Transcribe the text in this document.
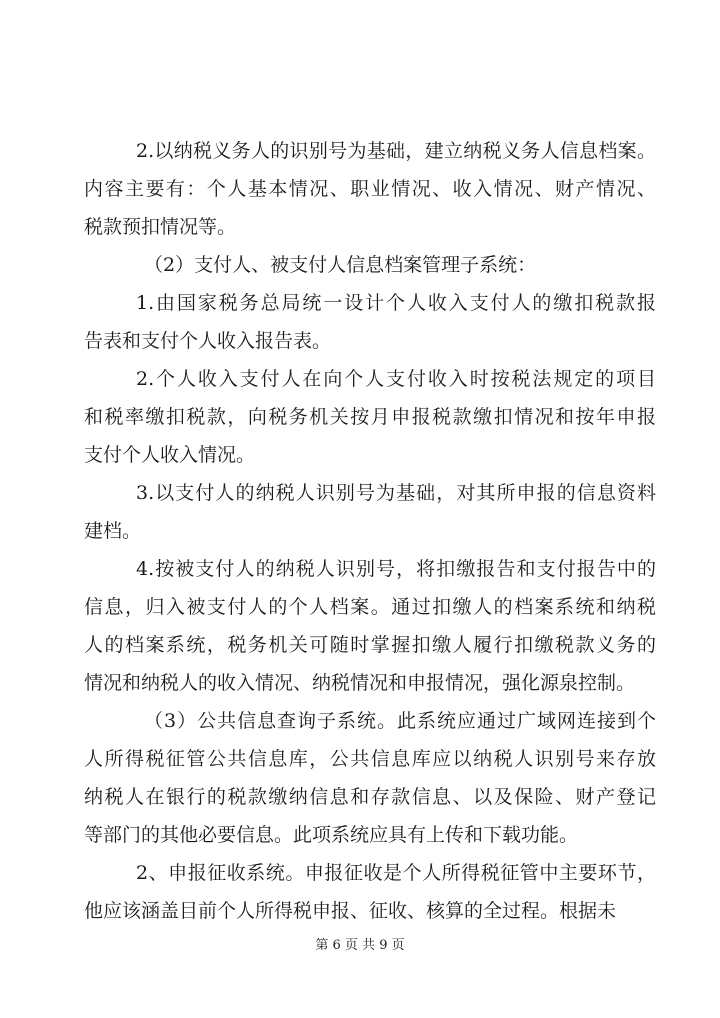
2.以纳税义务人的识别号为基础，建立纳税义务人信息档案。
内容主要有：个人基本情况、职业情况、收入情况、财产情况、
税款预扣情况等。
（2）支付人、被支付人信息档案管理子系统：
1.由国家税务总局统一设计个人收入支付人的缴扣税款报
告表和支付个人收入报告表。
2.个人收入支付人在向个人支付收入时按税法规定的项目
和税率缴扣税款，向税务机关按月申报税款缴扣情况和按年申报
支付个人收入情况。
3.以支付人的纳税人识别号为基础，对其所申报的信息资料
建档。
4.按被支付人的纳税人识别号，将扣缴报告和支付报告中的
信息，归入被支付人的个人档案。通过扣缴人的档案系统和纳税
人的档案系统，税务机关可随时掌握扣缴人履行扣缴税款义务的
情况和纳税人的收入情况、纳税情况和申报情况，强化源泉控制。
（3）公共信息查询子系统。此系统应通过广域网连接到个
人所得税征管公共信息库，公共信息库应以纳税人识别号来存放
纳税人在银行的税款缴纳信息和存款信息、以及保险、财产登记
等部门的其他必要信息。此项系统应具有上传和下载功能。
2、申报征收系统。申报征收是个人所得税征管中主要环节，
他应该涵盖目前个人所得税申报、征收、核算的全过程。根据未
第 6 页 共 9 页
